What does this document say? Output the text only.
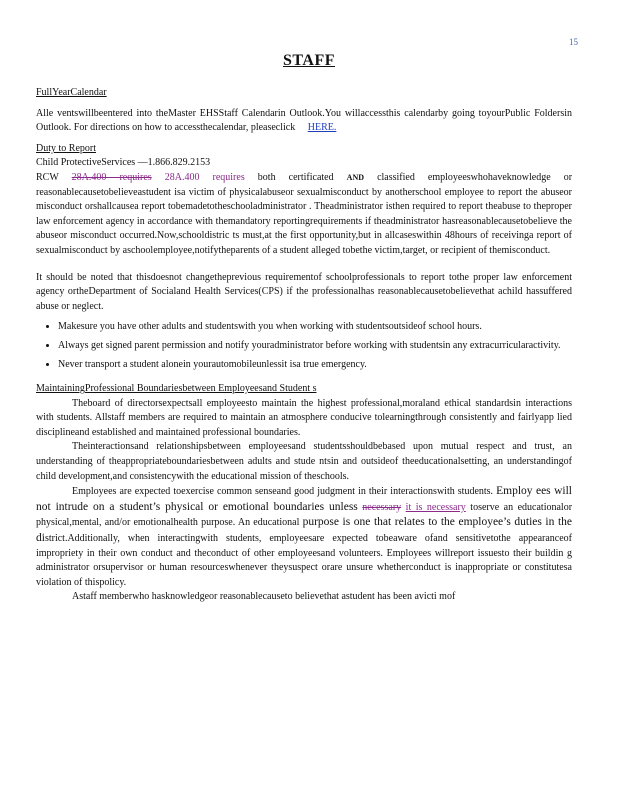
15
STAFF
FullYearCalendar

Alle ventswillbeentered into theMaster EHSStaff Calendarin Outlook.You willaccessthis calendarby going toyourPublic Foldersin Outlook. For directions on how to accessthecalendar, pleaseclick HERE.

Duty to Report

Child ProtectiveServices —1.866.829.2153

RCW 28A.400 requires 28A.400 requires both certificated AND classified employeeswhohaveknowledge or reasonablecausetobelieveastudent isa victim of physicalabuseor sexualmisconduct by anotherschool employee to report the abuseor misconduct orshallcausea report tobemadetotheschooladministrator . Theadministrator isthen required to report theabuse to theproper law enforcement agency in accordance with themandatory reportingrequirements if theadministrator hasreasonablecausetobelieve the abuseor misconduct occurred.Now,schooldistric ts must,at the first opportunity,but in allcaseswithin 48hours of receivinga report of sexualmisconduct by aschoolemployee,notifytheparents of a student alleged tobethe victim,target, or recipient of themisconduct.

It should be noted that thisdoesnot changetheprevious requirementof schoolprofessionals to report tothe proper law enforcement agency ortheDepartment of Socialand Health Services(CPS) if the professionalhas reasonablecausetobelievethat achild hassuffered abuse or neglect.

• Makesure you have other adults and studentswith you when working with studentsoutsideof school hours.
• Always get signed parent permission and notify youradministrator before working with studentsin any extracurricularactivity.
• Never transport a student alonein yourautomobileunlessit isa true emergency.
MaintainingProfessional Boundariesbetween Employeesand Student s

Theboard of directorsexpectsall employeesto maintain the highest professional,moraland ethical standardsin interactions with students. Allstaff members are required to maintain an atmosphere conducive tolearningthrough consistently and fairlyapp lied disciplineand established and maintained professional boundaries.

Theinteractionsand relationshipsbetween employeesand studentsshouldbebased upon mutual respect and trust, an understanding of theappropriateboundariesbetween adults and stude ntsin and outsideof theeducationalsetting, an understandingof child development,and consistencywith the educational mission of theschools.

Employees are expected toexercise common senseand good judgment in their interactionswith students. Employ ees will not intrude on a student’s physical or emotional boundaries unless necessary it is necessary toserve an educationalor physical,mental, and/or emotionalhealth purpose. An educational purpose is one that relates to the employee’s duties in the district.Additionally, when interactingwith students, employeesare expected tobeaware ofand sensitivetothe appearanceof impropriety in their own conduct and theconduct of other employeesand volunteers. Employees willreport issuesto their buildin g administrator orsupervisor or human resourceswhenever theysuspect orare unsure whetherconduct is inappropriate or constitutesa violation of thispolicy.

Astaff memberwho hasknowledgeor reasonablecauseto believethat astudent has been avicti mof
